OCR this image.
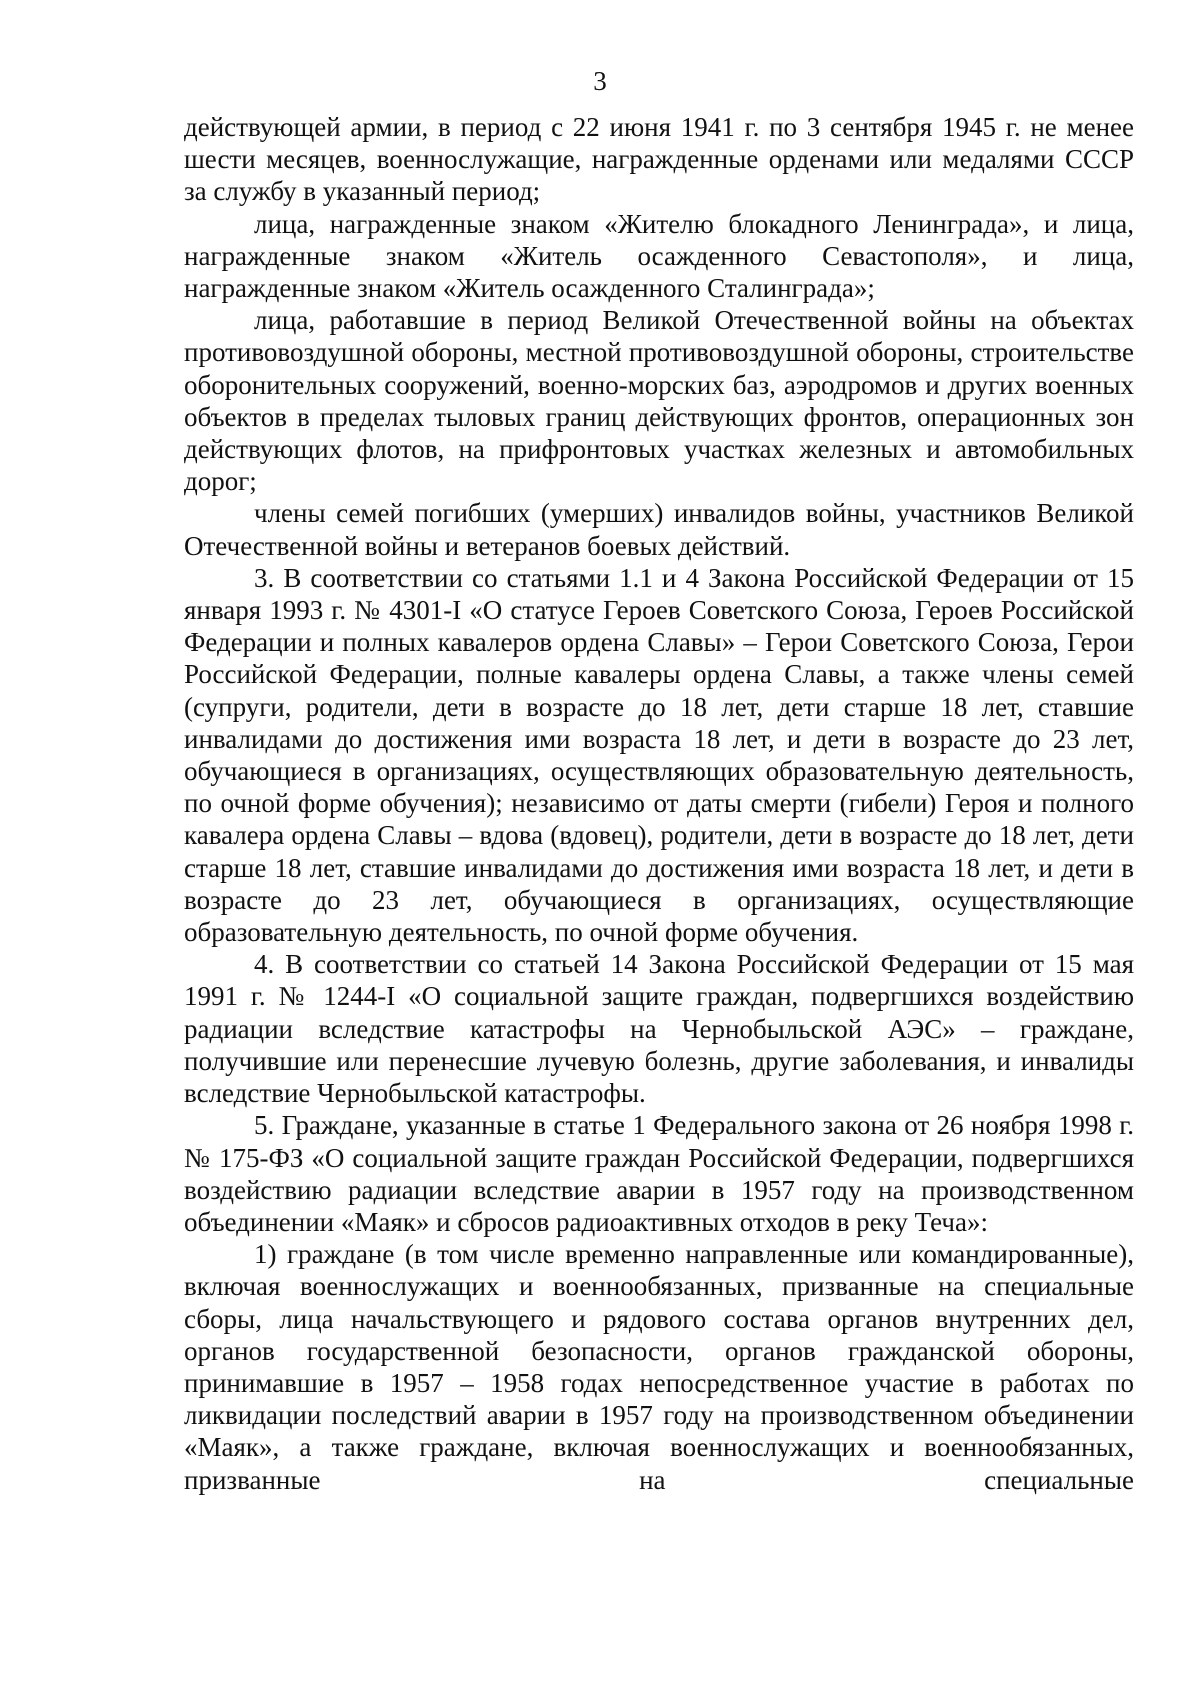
3

действующей армии, в период с 22 июня 1941 г. по 3 сентября 1945 г. не менее шести месяцев, военнослужащие, награжденные орденами или медалями СССР за службу в указанный период;

лица, награжденные знаком «Жителю блокадного Ленинграда», и лица, награжденные знаком «Житель осажденного Севастополя», и лица, награжденные знаком «Житель осажденного Сталинграда»;

лица, работавшие в период Великой Отечественной войны на объектах противовоздушной обороны, местной противовоздушной обороны, строительстве оборонительных сооружений, военно-морских баз, аэродромов и других военных объектов в пределах тыловых границ действующих фронтов, операционных зон действующих флотов, на прифронтовых участках железных и автомобильных дорог;

члены семей погибших (умерших) инвалидов войны, участников Великой Отечественной войны и ветеранов боевых действий.

3. В соответствии со статьями 1.1 и 4 Закона Российской Федерации от 15 января 1993 г. № 4301-I «О статусе Героев Советского Союза, Героев Российской Федерации и полных кавалеров ордена Славы» – Герои Советского Союза, Герои Российской Федерации, полные кавалеры ордена Славы, а также члены семей (супруги, родители, дети в возрасте до 18 лет, дети старше 18 лет, ставшие инвалидами до достижения ими возраста 18 лет, и дети в возрасте до 23 лет, обучающиеся в организациях, осуществляющих образовательную деятельность, по очной форме обучения); независимо от даты смерти (гибели) Героя и полного кавалера ордена Славы – вдова (вдовец), родители, дети в возрасте до 18 лет, дети старше 18 лет, ставшие инвалидами до достижения ими возраста 18 лет, и дети в возрасте до 23 лет, обучающиеся в организациях, осуществляющие образовательную деятельность, по очной форме обучения.

4. В соответствии со статьей 14 Закона Российской Федерации от 15 мая 1991 г. № 1244-I «О социальной защите граждан, подвергшихся воздействию радиации вследствие катастрофы на Чернобыльской АЭС» – граждане, получившие или перенесшие лучевую болезнь, другие заболевания, и инвалиды вследствие Чернобыльской катастрофы.

5. Граждане, указанные в статье 1 Федерального закона от 26 ноября 1998 г. № 175-ФЗ «О социальной защите граждан Российской Федерации, подвергшихся воздействию радиации вследствие аварии в 1957 году на производственном объединении «Маяк» и сбросов радиоактивных отходов в реку Теча»:

1) граждане (в том числе временно направленные или командированные), включая военнослужащих и военнообязанных, призванные на специальные сборы, лица начальствующего и рядового состава органов внутренних дел, органов государственной безопасности, органов гражданской обороны, принимавшие в 1957 – 1958 годах непосредственное участие в работах по ликвидации последствий аварии в 1957 году на производственном объединении «Маяк», а также граждане, включая военнослужащих и военнообязанных, призванные на специальные
